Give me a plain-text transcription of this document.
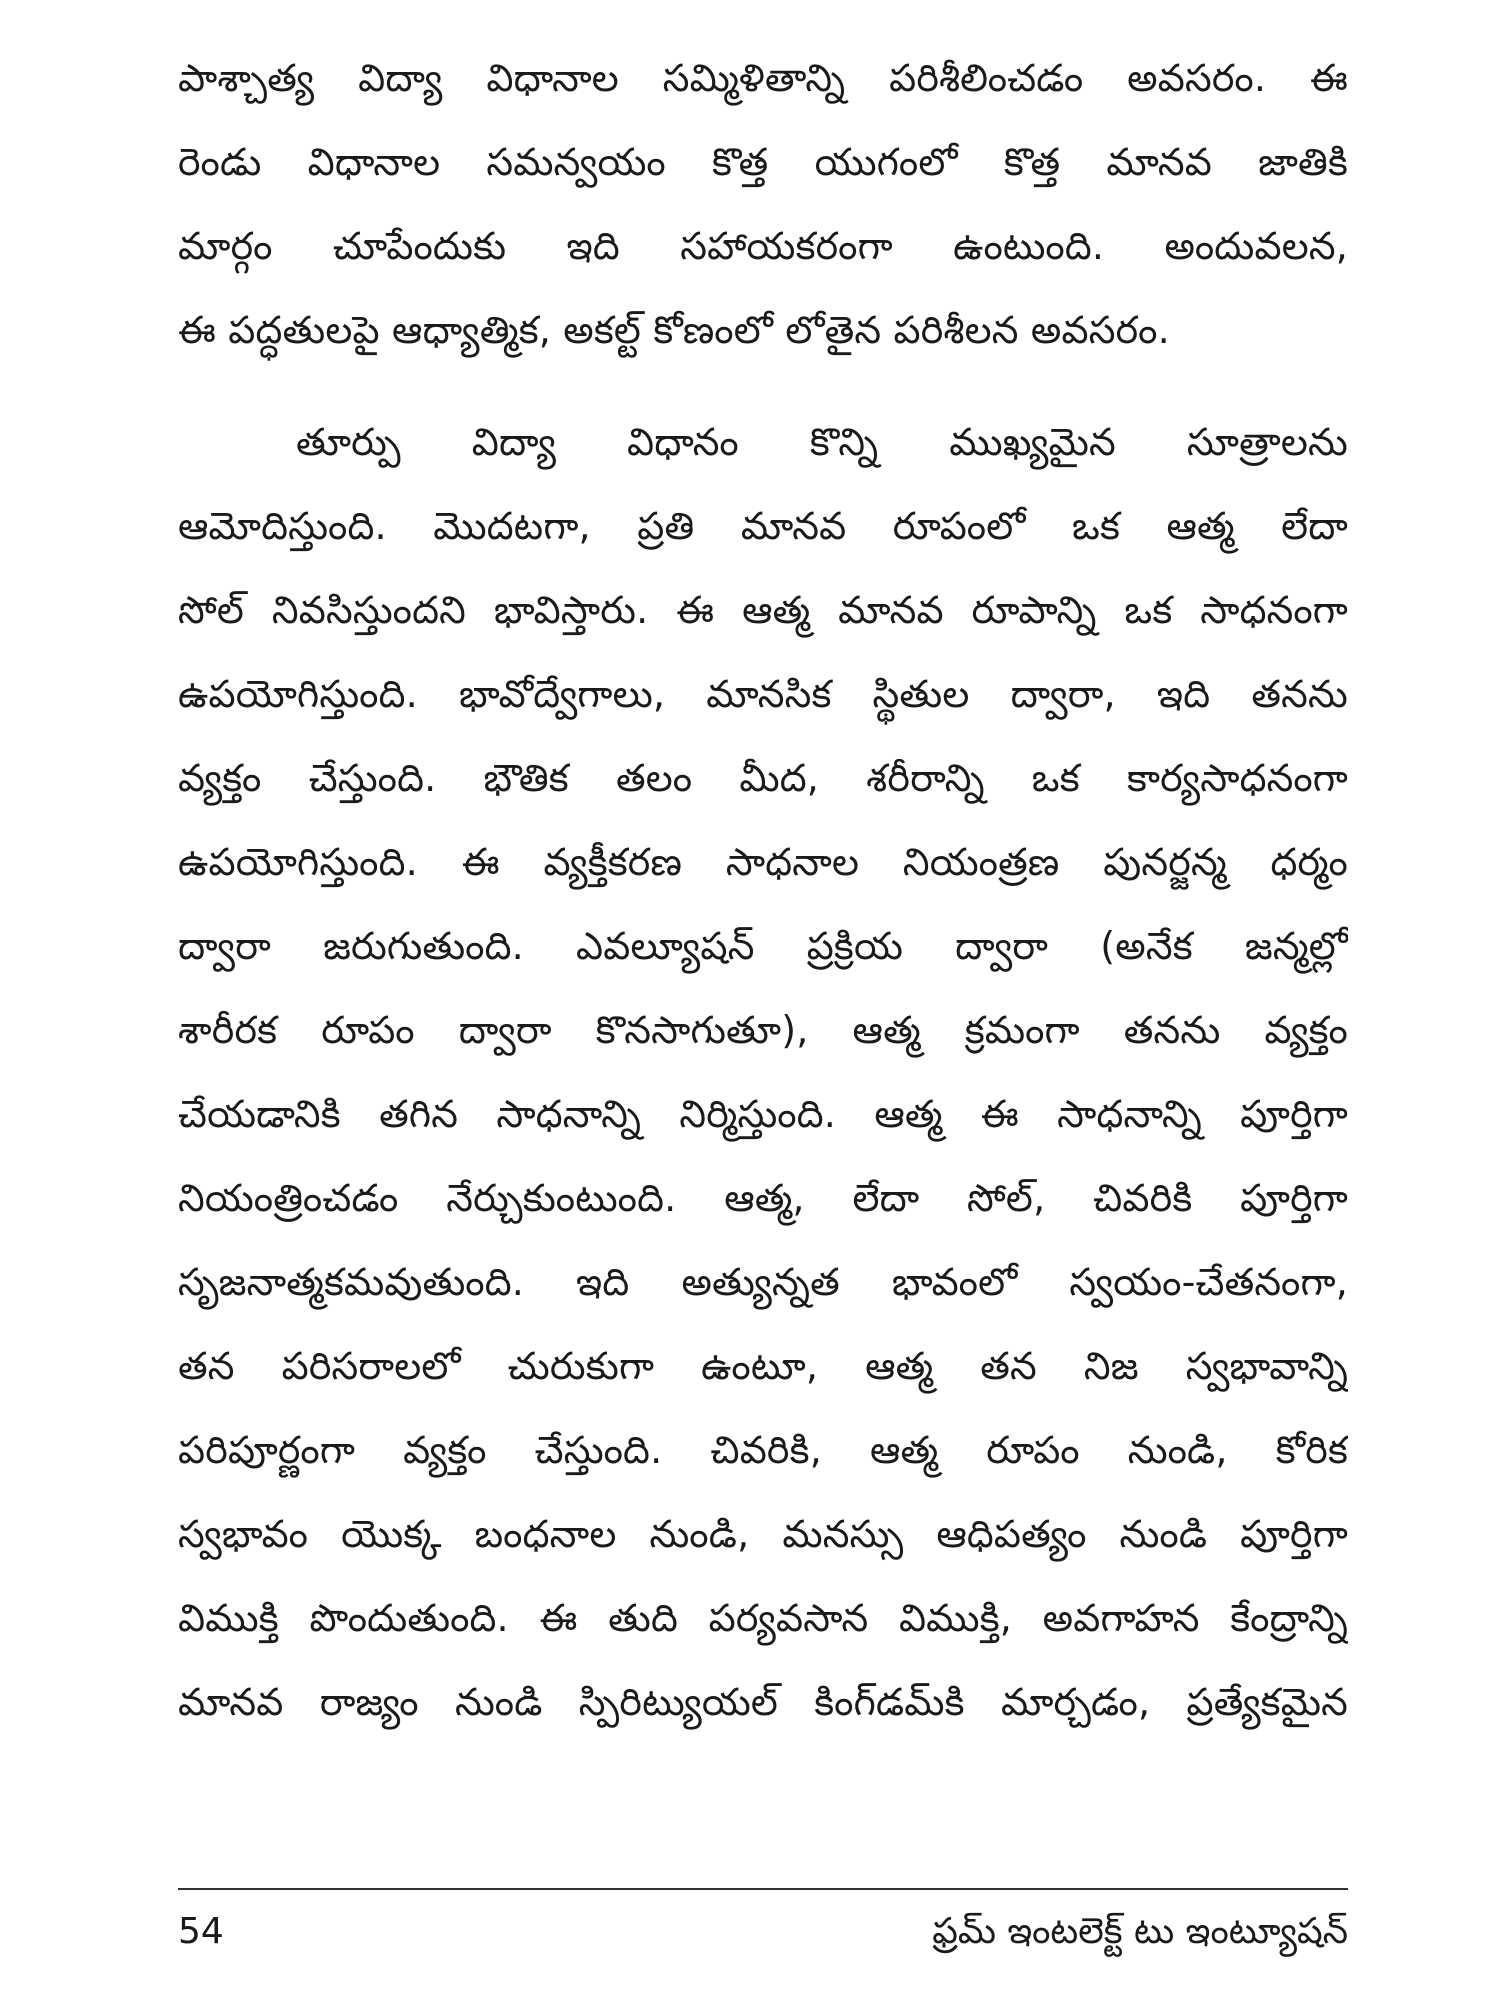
పాశ్చాత్య విద్యా విధానాల సమ్మిళితాన్ని పరిశీలించడం అవసరం. ఈ
రెండు విధానాల సమన్వయం కొత్త యుగంలో కొత్త మానవ జాతికి
మార్గం చూపేందుకు ఇది సహాయకరంగా ఉంటుంది. అందువలన,
ఈ పద్ధతులపై ఆధ్యాత్మిక, అకల్ట్ కోణంలో లోతైన పరిశీలన అవసరం.

తూర్పు విద్యా విధానం కొన్ని ముఖ్యమైన సూత్రాలను
ఆమోదిస్తుంది. మొదటగా, ప్రతి మానవ రూపంలో ఒక ఆత్మ లేదా
సోల్ నివసిస్తుందని భావిస్తారు. ఈ ఆత్మ మానవ రూపాన్ని ఒక సాధనంగా
ఉపయోగిస్తుంది. భావోద్వేగాలు, మానసిక స్థితుల ద్వారా, ఇది తనను
వ్యక్తం చేస్తుంది. భౌతిక తలం మీద, శరీరాన్ని ఒక కార్యసాధనంగా
ఉపయోగిస్తుంది. ఈ వ్యక్తీకరణ సాధనాల నియంత్రణ పునర్జన్మ ధర్మం
ద్వారా జరుగుతుంది. ఎవల్యూషన్ ప్రక్రియ ద్వారా (అనేక జన్మల్లో
శారీరక రూపం ద్వారా కొనసాగుతూ), ఆత్మ క్రమంగా తనను వ్యక్తం
చేయడానికి తగిన సాధనాన్ని నిర్మిస్తుంది. ఆత్మ ఈ సాధనాన్ని పూర్తిగా
నియంత్రించడం నేర్చుకుంటుంది. ఆత్మ, లేదా సోల్, చివరికి పూర్తిగా
సృజనాత్మకమవుతుంది. ఇది అత్యున్నత భావంలో స్వయం-చేతనంగా,
తన పరిసరాలలో చురుకుగా ఉంటూ, ఆత్మ తన నిజ స్వభావాన్ని
పరిపూర్ణంగా వ్యక్తం చేస్తుంది. చివరికి, ఆత్మ రూపం నుండి, కోరిక
స్వభావం యొక్క బంధనాల నుండి, మనస్సు ఆధిపత్యం నుండి పూర్తిగా
విముక్తి పొందుతుంది. ఈ తుది పర్యవసాన విముక్తి, అవగాహన కేంద్రాన్ని
మానవ రాజ్యం నుండి స్పిరిట్యుయల్ కింగ్‌డమ్‌కి మార్చడం, ప్రత్యేకమైన

54	ఫ్రమ్ ఇంటలెక్ట్ టు ఇంట్యూషన్
